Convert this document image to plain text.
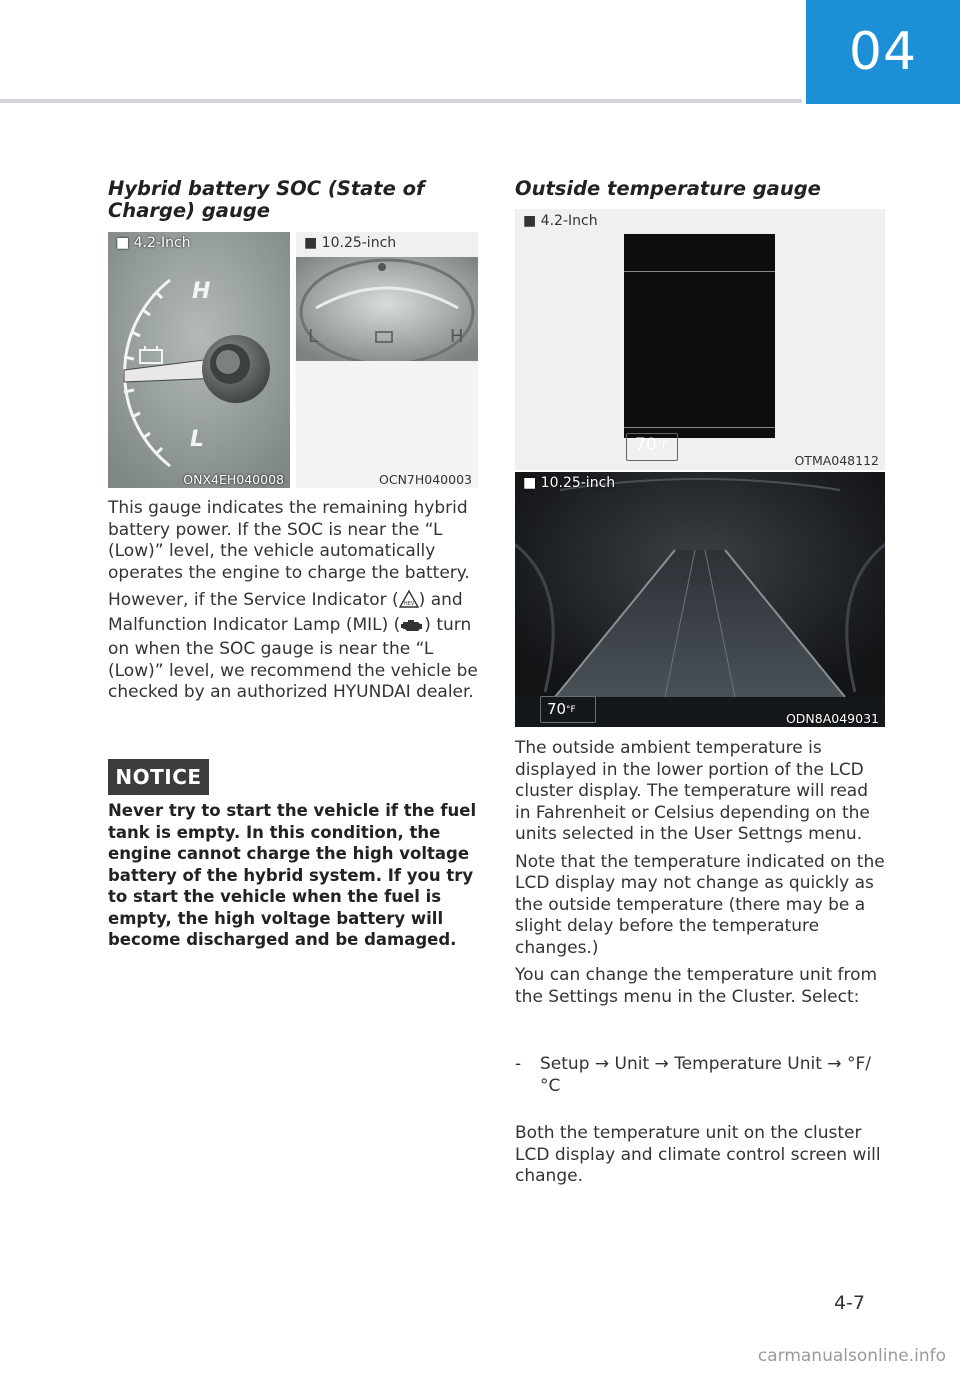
04
Hybrid battery SOC (State of Charge) gauge
H
L
■ 4.2-Inch
ONX4EH040008
L	H
■ 10.25-inch
OCN7H040003

This gauge indicates the remaining hybrid battery power. If the SOC is near the “L (Low)” level, the vehicle automatically operates the engine to charge the battery.

However, if the Service Indicator ( HEV ) and Malfunction Indicator Lamp (MIL) ( ) turn on when the SOC gauge is near the “L (Low)” level, we recommend the vehicle be checked by an authorized HYUNDAI dealer.

NOTICE

Never try to start the vehicle if the fuel tank is empty. In this condition, the engine cannot charge the high voltage battery of the hybrid system. If you try to start the vehicle when the fuel is empty, the high voltage battery will become discharged and be damaged.

Outside temperature gauge
70 °F
■ 4.2-Inch
OTMA048112
70 °F
■ 10.25-inch
ODN8A049031

The outside ambient temperature is displayed in the lower portion of the LCD cluster display. The temperature will read in Fahrenheit or Celsius depending on the units selected in the User Settngs menu.

Note that the temperature indicated on the LCD display may not change as quickly as the outside temperature (there may be a slight delay before the temperature changes.)

You can change the temperature unit from the Settings menu in the Cluster. Select:

- Setup → Unit → Temperature Unit → °F/°C

Both the temperature unit on the cluster LCD display and climate control screen will change.

4-7
carmanualsonline.info
